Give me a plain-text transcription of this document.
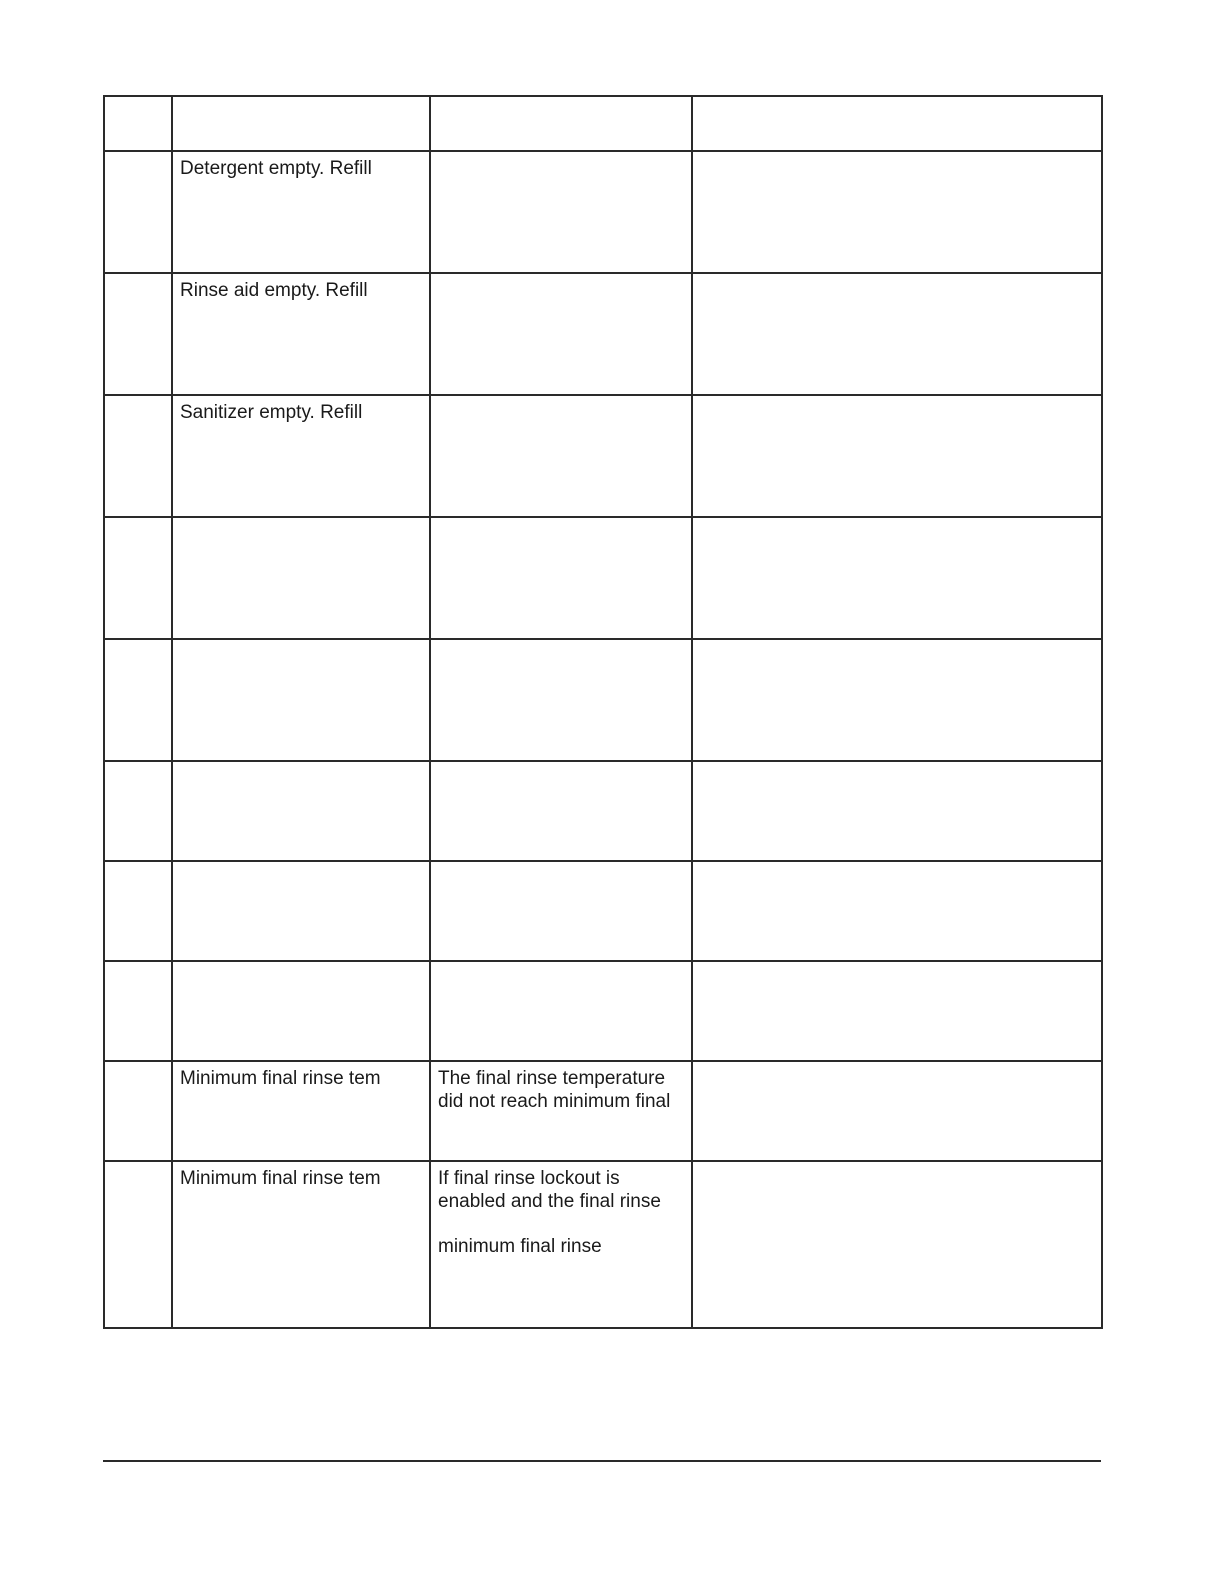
	Detergent empty. Refill		
	Rinse aid empty. Refill		
	Sanitizer empty. Refill		

	Minimum final rinse tem	The final rinse temperature
did not reach minimum final	

	Minimum final rinse tem	If final rinse lockout is
enabled and the final rinse
minimum final rinse	
